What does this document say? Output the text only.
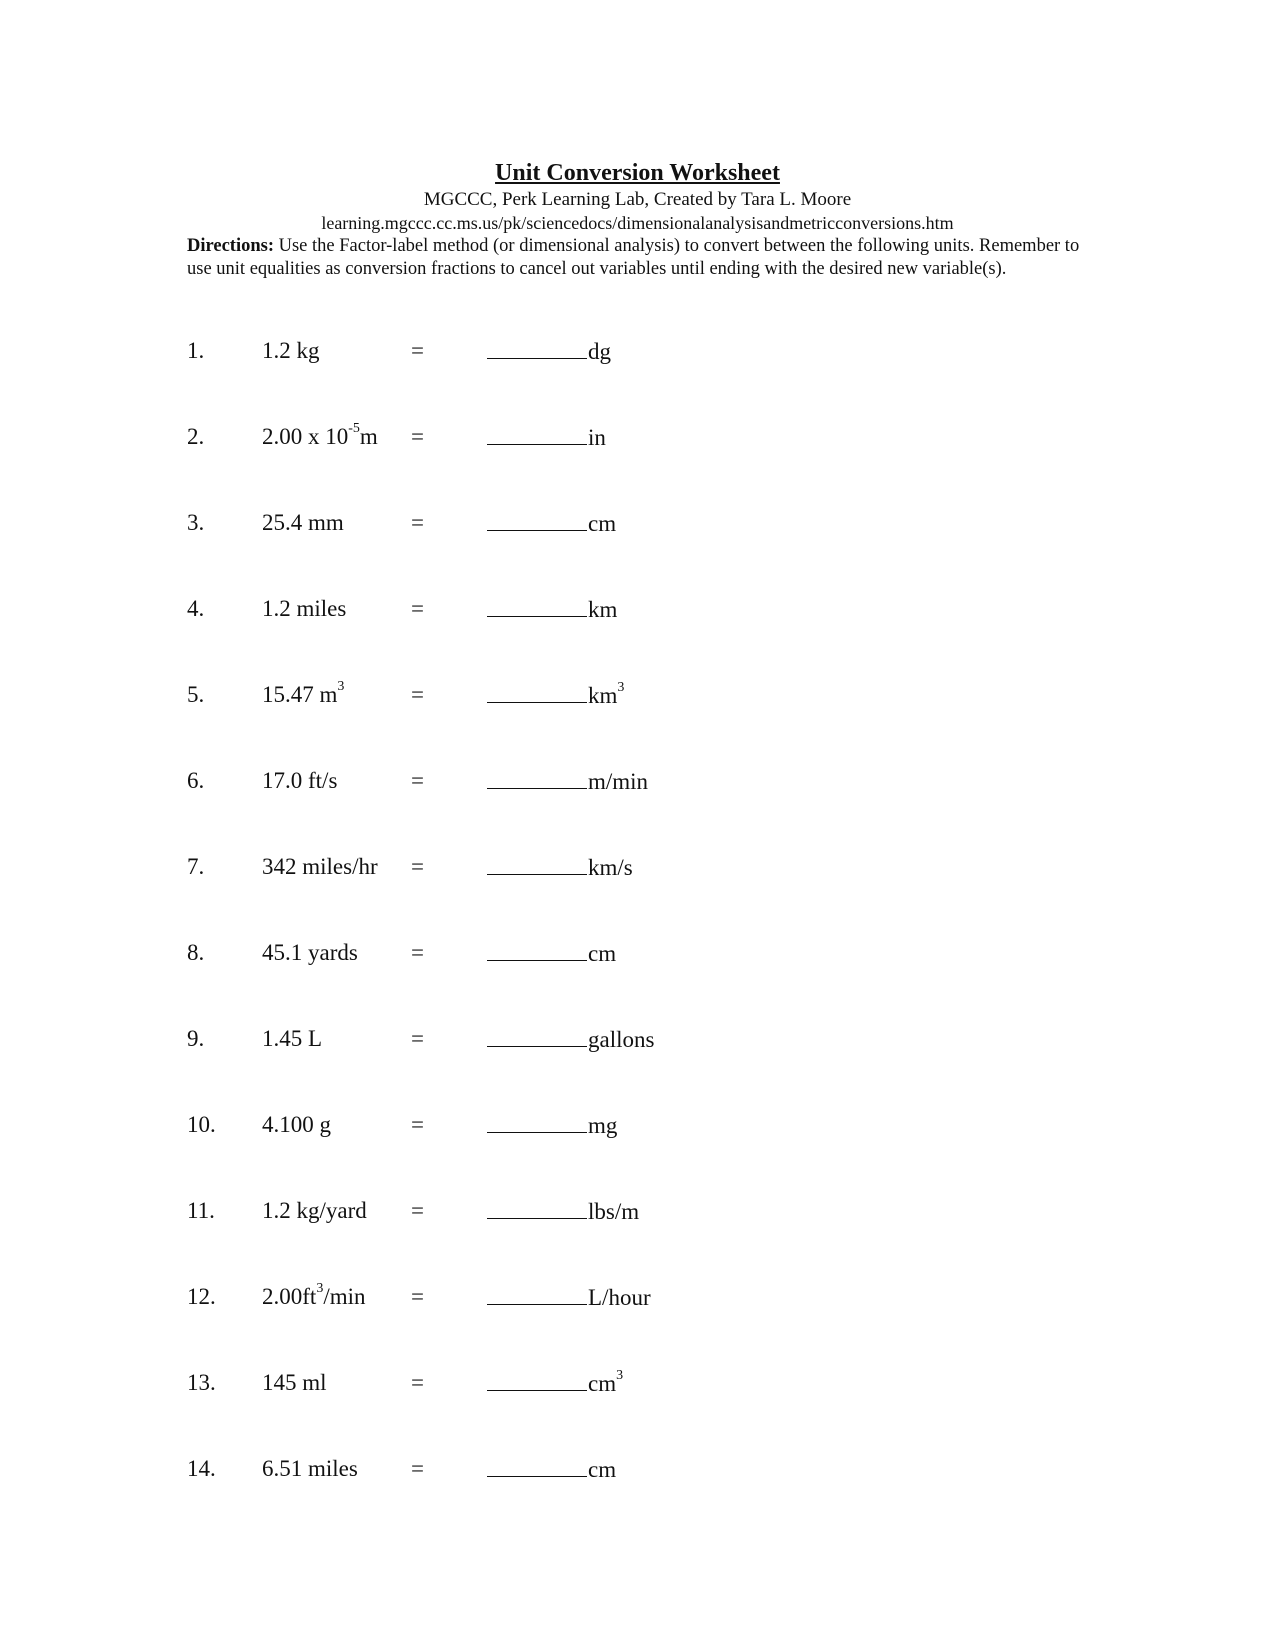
Unit Conversion Worksheet
MGCCC, Perk Learning Lab, Created by Tara L. Moore
learning.mgccc.cc.ms.us/pk/sciencedocs/dimensionalanalysisandmetricconversions.htm
Directions: Use the Factor-label method (or dimensional analysis) to convert between the following units. Remember to use unit equalities as conversion fractions to cancel out variables until ending with the desired new variable(s).
1.	1.2 kg	=	dg
2.	2.00 x $10^{-5}m$ =	in
3.	25.4 mm	=	cm
4.	1.2 miles	=	km
5.	15.47 $m^3$	=	$km^3$
6.	17.0 ft/s	=	m/min
7.	342 miles/hr =	km/s
8.	45.1 yards =	cm
9.	1.45 L	=	gallons
10. 4.100 g	=	mg
11. 1.2 kg/yard =	lbs/m
12. $2.00ft^3/\min$ =	L/hour
13. 145 ml	=	$cm^3$
14. 6.51 miles =	cm
